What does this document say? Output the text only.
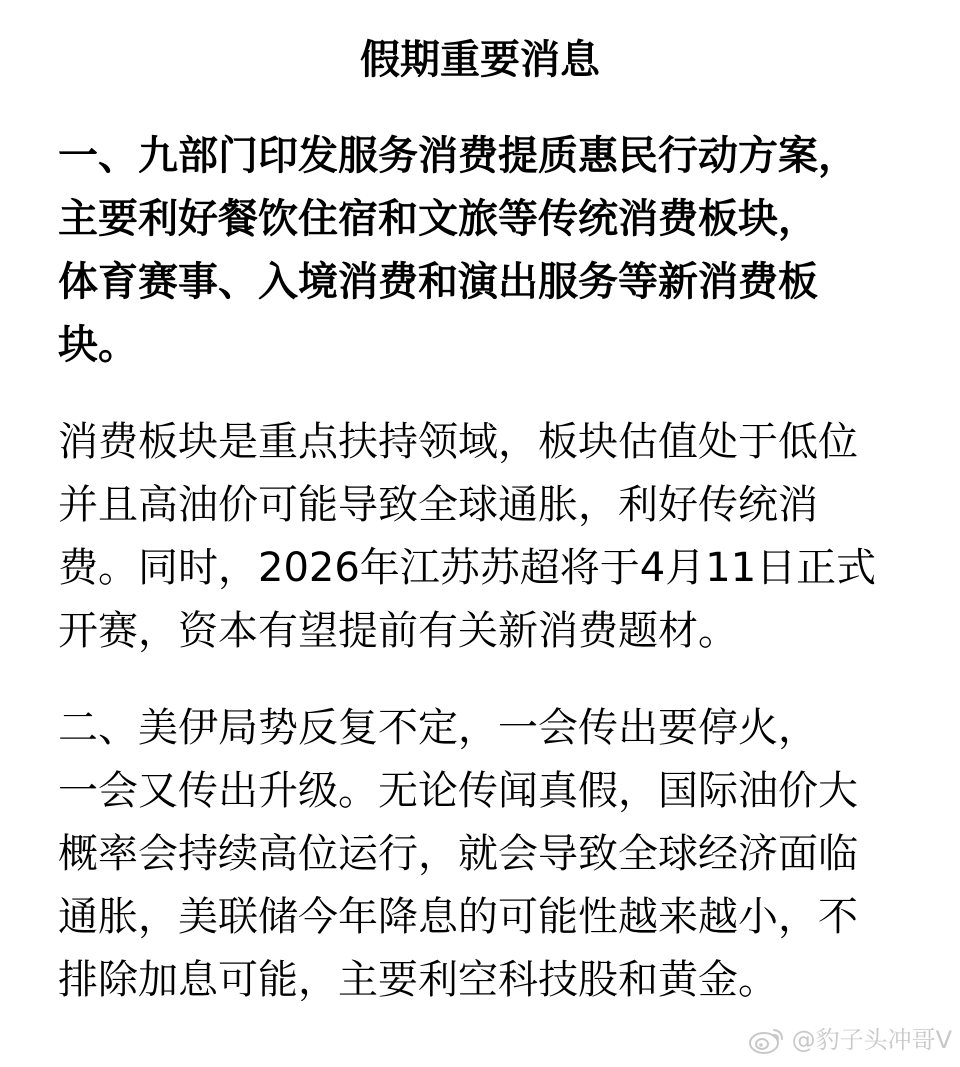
假期重要消息
一、九部门印发服务消费提质惠民行动方案，
主要利好餐饮住宿和文旅等传统消费板块，
体育赛事、入境消费和演出服务等新消费板
块。
消费板块是重点扶持领域，板块估值处于低位
并且高油价可能导致全球通胀，利好传统消
费。同时，2026年江苏苏超将于4月11日正式
开赛，资本有望提前有关新消费题材。
二、美伊局势反复不定，一会传出要停火，
一会又传出升级。无论传闻真假，国际油价大
概率会持续高位运行，就会导致全球经济面临
通胀，美联储今年降息的可能性越来越小，不
排除加息可能，主要利空科技股和黄金。
@豹子头冲哥V
